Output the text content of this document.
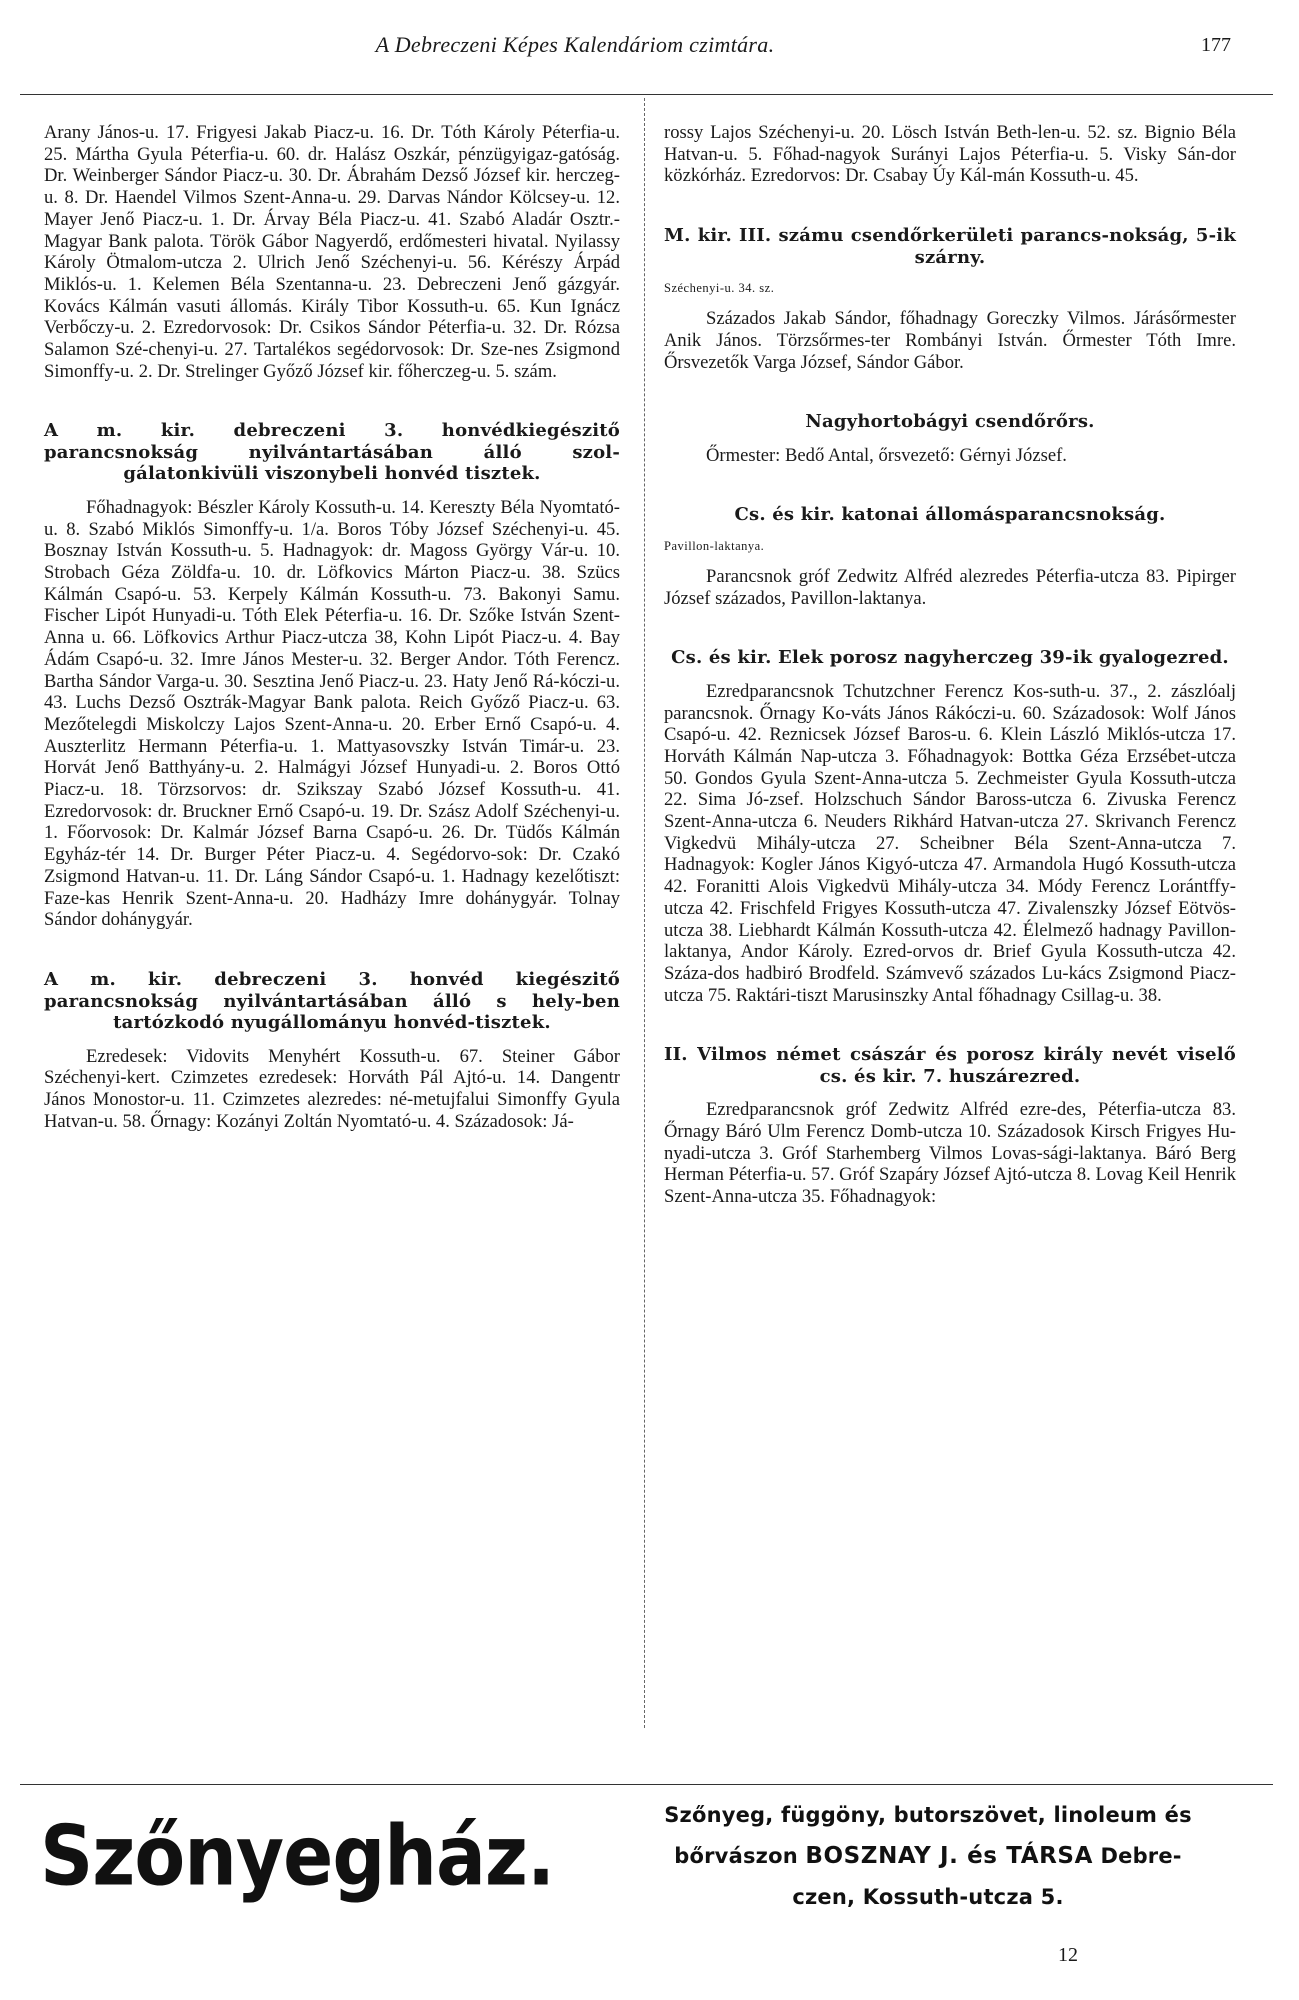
A Debreczeni Képes Kalendáriom czimtára.	177

Arany János-u. 17. Frigyesi Jakab Piacz-u. 16. Dr. Tóth Károly Péterfia-u. 25. Mártha Gyula Péterfia-u. 60. dr. Halász Oszkár, pénzügyigaz-gatóság. Dr. Weinberger Sándor Piacz-u. 30. Dr. Ábrahám Dezső József kir. herczeg-u. 8. Dr. Haendel Vilmos Szent-Anna-u. 29. Darvas Nándor Kölcsey-u. 12. Mayer Jenő Piacz-u. 1. Dr. Árvay Béla Piacz-u. 41. Szabó Aladár Osztr.-Magyar Bank palota. Török Gábor Nagyerdő, erdőmesteri hivatal. Nyilassy Károly Ötmalom-utcza 2. Ulrich Jenő Széchenyi-u. 56. Kérészy Árpád Miklós-u. 1. Kelemen Béla Szentanna-u. 23. Debreczeni Jenő gázgyár. Kovács Kálmán vasuti állomás. Király Tibor Kossuth-u. 65. Kun Ignácz Verbőczy-u. 2. Ezredorvosok: Dr. Csikos Sándor Péterfia-u. 32. Dr. Rózsa Salamon Szé-chenyi-u. 27. Tartalékos segédorvosok: Dr. Sze-nes Zsigmond Simonffy-u. 2. Dr. Strelinger Győző József kir. főherczeg-u. 5. szám.

A m. kir. debreczeni 3. honvédkiegészitő parancsnokság nyilvántartásában álló szol-gálatonkivüli viszonybeli honvéd tisztek.

Főhadnagyok: Bészler Károly Kossuth-u. 14. Kereszty Béla Nyomtató-u. 8. Szabó Miklós Simonffy-u. 1/a. Boros Tóby József Széchenyi-u. 45. Bosznay István Kossuth-u. 5. Hadnagyok: dr. Magoss György Vár-u. 10. Strobach Géza Zöldfa-u. 10. dr. Löfkovics Márton Piacz-u. 38. Szücs Kálmán Csapó-u. 53. Kerpely Kálmán Kossuth-u. 73. Bakonyi Samu. Fischer Lipót Hunyadi-u. Tóth Elek Péterfia-u. 16. Dr. Szőke István Szent-Anna u. 66. Löfkovics Arthur Piacz-utcza 38, Kohn Lipót Piacz-u. 4. Bay Ádám Csapó-u. 32. Imre János Mester-u. 32. Berger Andor. Tóth Ferencz. Bartha Sándor Varga-u. 30. Sesztina Jenő Piacz-u. 23. Haty Jenő Rá-kóczi-u. 43. Luchs Dezső Osztrák-Magyar Bank palota. Reich Győző Piacz-u. 63. Mezőtelegdi Miskolczy Lajos Szent-Anna-u. 20. Erber Ernő Csapó-u. 4. Auszterlitz Hermann Péterfia-u. 1. Mattyasovszky István Timár-u. 23. Horvát Jenő Batthyány-u. 2. Halmágyi József Hunyadi-u. 2. Boros Ottó Piacz-u. 18. Törzsorvos: dr. Szikszay Szabó József Kossuth-u. 41. Ezredorvosok: dr. Bruckner Ernő Csapó-u. 19. Dr. Szász Adolf Széchenyi-u. 1. Főorvosok: Dr. Kalmár József Barna Csapó-u. 26. Dr. Tüdős Kálmán Egyház-tér 14. Dr. Burger Péter Piacz-u. 4. Segédorvo-sok: Dr. Czakó Zsigmond Hatvan-u. 11. Dr. Láng Sándor Csapó-u. 1. Hadnagy kezelőtiszt: Faze-kas Henrik Szent-Anna-u. 20. Hadházy Imre dohánygyár. Tolnay Sándor dohánygyár.

A m. kir. debreczeni 3. honvéd kiegészitő parancsnokság nyilvántartásában álló s hely-ben tartózkodó nyugállományu honvéd-tisztek.

Ezredesek: Vidovits Menyhért Kossuth-u. 67. Steiner Gábor Széchenyi-kert. Czimzetes ezredesek: Horváth Pál Ajtó-u. 14. Dangentr János Monostor-u. 11. Czimzetes alezredes: né-metujfalui Simonffy Gyula Hatvan-u. 58. Őrnagy: Kozányi Zoltán Nyomtató-u. 4. Századosok: Já-

rossy Lajos Széchenyi-u. 20. Lösch István Beth-len-u. 52. sz. Bignio Béla Hatvan-u. 5. Főhad-nagyok Surányi Lajos Péterfia-u. 5. Visky Sán-dor közkórház. Ezredorvos: Dr. Csabay Úy Kál-mán Kossuth-u. 45.

M. kir. III. számu csendőrkerületi parancs-nokság, 5-ik szárny.

Széchenyi-u. 34. sz.

Százados Jakab Sándor, főhadnagy Goreczky Vilmos. Járásőrmester Anik János. Törzsőrmes-ter Rombányi István. Őrmester Tóth Imre. Őrsvezetők Varga József, Sándor Gábor.

Nagyhortobágyi csendőrőrs.

Őrmester: Bedő Antal, őrsvezető: Gérnyi József.

Cs. és kir. katonai állomásparancsnokság.

Pavillon-laktanya.

Parancsnok gróf Zedwitz Alfréd alezredes Péterfia-utcza 83. Pipirger József százados, Pavillon-laktanya.

Cs. és kir. Elek porosz nagyherczeg 39-ik gyalogezred.

Ezredparancsnok Tchutzchner Ferencz Kos-suth-u. 37., 2. zászlóalj parancsnok. Őrnagy Ko-váts János Rákóczi-u. 60. Századosok: Wolf János Csapó-u. 42. Reznicsek József Baros-u. 6. Klein László Miklós-utcza 17. Horváth Kálmán Nap-utcza 3. Főhadnagyok: Bottka Géza Erzsébet-utcza 50. Gondos Gyula Szent-Anna-utcza 5. Zechmeister Gyula Kossuth-utcza 22. Sima Jó-zsef. Holzschuch Sándor Baross-utcza 6. Zivuska Ferencz Szent-Anna-utcza 6. Neuders Rikhárd Hatvan-utcza 27. Skrivanch Ferencz Vigkedvü Mihály-utcza 27. Scheibner Béla Szent-Anna-utcza 7. Hadnagyok: Kogler János Kigyó-utcza 47. Armandola Hugó Kossuth-utcza 42. Foranitti Alois Vigkedvü Mihály-utcza 34. Módy Ferencz Lorántffy-utcza 42. Frischfeld Frigyes Kossuth-utcza 47. Zivalenszky József Eötvös-utcza 38. Liebhardt Kálmán Kossuth-utcza 42. Élelmező hadnagy Pavillon-laktanya, Andor Károly. Ezred-orvos dr. Brief Gyula Kossuth-utcza 42. Száza-dos hadbiró Brodfeld. Számvevő százados Lu-kács Zsigmond Piacz-utcza 75. Raktári-tiszt Marusinszky Antal főhadnagy Csillag-u. 38.

II. Vilmos német császár és porosz király nevét viselő cs. és kir. 7. huszárezred.

Ezredparancsnok gróf Zedwitz Alfréd ezre-des, Péterfia-utcza 83. Őrnagy Báró Ulm Ferencz Domb-utcza 10. Századosok Kirsch Frigyes Hu-nyadi-utcza 3. Gróf Starhemberg Vilmos Lovas-sági-laktanya. Báró Berg Herman Péterfia-u. 57. Gróf Szapáry József Ajtó-utcza 8. Lovag Keil Henrik Szent-Anna-utcza 35. Főhadnagyok:

Szőnyegház.	Szőnyeg, függöny, butorszövet, linoleum és
bőrvászon BOSZNAY J. és TÁRSA Debre-
czen, Kossuth-utcza 5.
12
